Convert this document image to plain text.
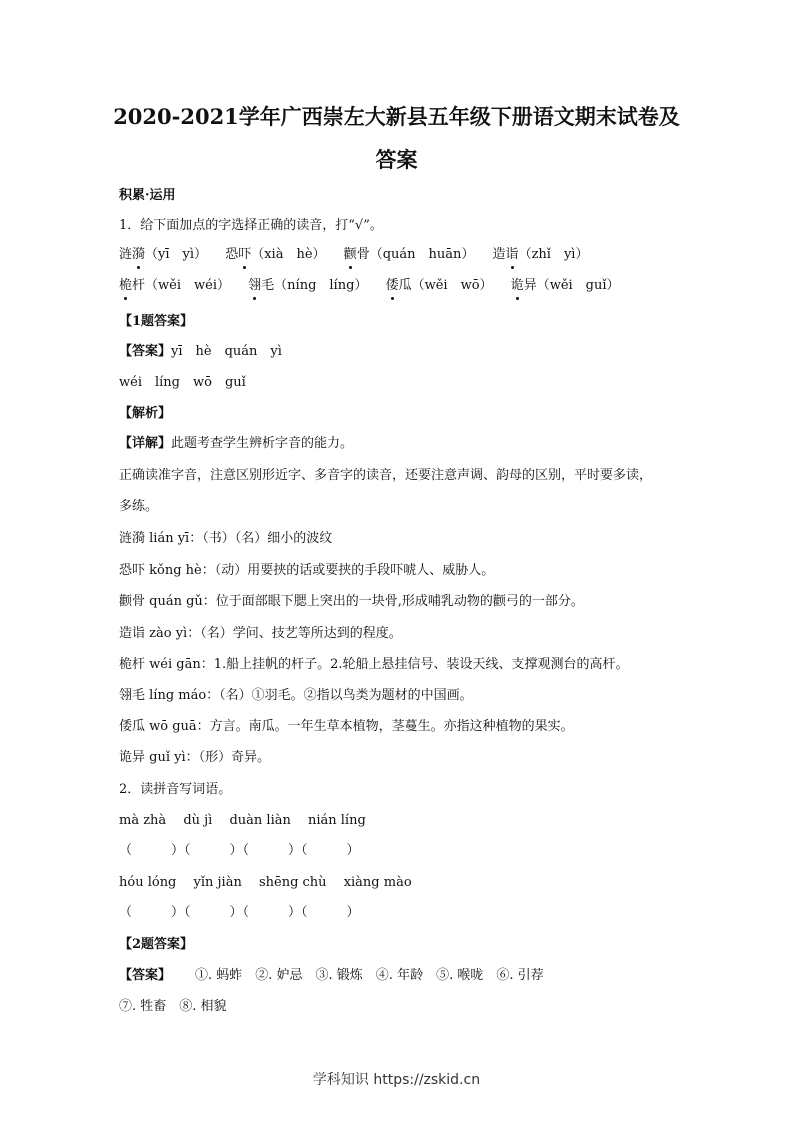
2020-2021学年广西崇左大新县五年级下册语文期末试卷及
答案
积累·运用
1．给下面加点的字选择正确的读音，打“√”。
涟漪（yī　yì） 恐吓（xià　hè） 颧骨（quán　huān） 造诣（zhǐ　yì）
桅杆（wěi　wéi） 翎毛（níng　líng） 倭瓜（wěi　wō） 诡异（wěi　guǐ）
【1题答案】
【答案】yī　hè　quán　yì
wéi　líng　wō　guǐ
【解析】
【详解】此题考查学生辨析字音的能力。
正确读准字音，注意区别形近字、多音字的读音，还要注意声调、韵母的区别，平时要多读，
多练。
涟漪 lián yī：（书）（名）细小的波纹
恐吓 kǒng hè：（动）用要挟的话或要挟的手段吓唬人、威胁人。
颧骨 quán gǔ：位于面部眼下腮上突出的一块骨,形成哺乳动物的颧弓的一部分。
造诣 zào yì：（名）学问、技艺等所达到的程度。
桅杆 wéi gān：1.船上挂帆的杆子。2.轮船上悬挂信号、装设天线、支撑观测台的高杆。
翎毛 líng máo：（名）①羽毛。②指以鸟类为题材的中国画。
倭瓜 wō guā：方言。南瓜。一年生草本植物，茎蔓生。亦指这种植物的果实。
诡异 guǐ yì：（形）奇异。
2．读拼音写词语。
mà zhà　 dù jì　 duàn liàn　 nián líng
（　　　）（　　　）（　　　）（　　　）
hóu lóng　 yǐn jiàn　 shēng chù　 xiàng mào
（　　　）（　　　）（　　　）（　　　）
【2题答案】
【答案】 ①. 蚂蚱　②. 妒忌　③. 锻炼　④. 年龄　⑤. 喉咙　⑥. 引荐
⑦. 牲畜　⑧. 相貌
学科知识 https://zskid.cn
